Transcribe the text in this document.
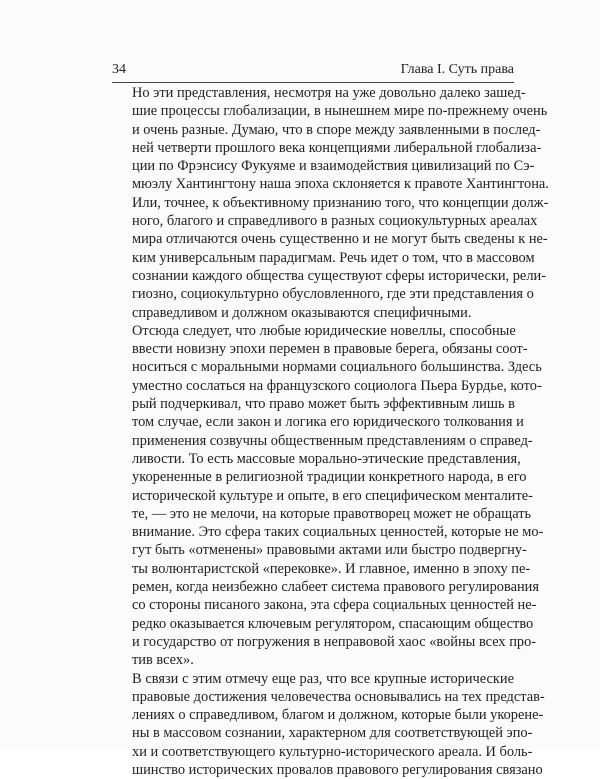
34	Глава I. Суть права

Но эти представления, несмотря на уже довольно далеко зашед-
шие процессы глобализации, в нынешнем мире по-прежнему очень
и очень разные. Думаю, что в споре между заявленными в послед-
ней четверти прошлого века концепциями либеральной глобализа-
ции по Фрэнсису Фукуяме и взаимодействия цивилизаций по Сэ-
мюэлу Хантингтону наша эпоха склоняется к правоте Хантингтона.
Или, точнее, к объективному признанию того, что концепции долж-
ного, благого и справедливого в разных социокультурных ареалах
мира отличаются очень существенно и не могут быть сведены к не-
ким универсальным парадигмам. Речь идет о том, что в массовом
сознании каждого общества существуют сферы исторически, рели-
гиозно, социокультурно обусловленного, где эти представления о
справедливом и должном оказываются специфичными.

Отсюда следует, что любые юридические новеллы, способные
ввести новизну эпохи перемен в правовые берега, обязаны соот-
носиться с моральными нормами социального большинства. Здесь
уместно сослаться на французского социолога Пьера Бурдье, кото-
рый подчеркивал, что право может быть эффективным лишь в
том случае, если закон и логика его юридического толкования и
применения созвучны общественным представлениям о справед-
ливости. То есть массовые морально-этические представления,
укорененные в религиозной традиции конкретного народа, в его
исторической культуре и опыте, в его специфическом менталите-
те, — это не мелочи, на которые правотворец может не обращать
внимание. Это сфера таких социальных ценностей, которые не мо-
гут быть «отменены» правовыми актами или быстро подвергну-
ты волюнтаристской «перековке». И главное, именно в эпоху пе-
ремен, когда неизбежно слабеет система правового регулирования
со стороны писаного закона, эта сфера социальных ценностей не-
редко оказывается ключевым регулятором, спасающим общество
и государство от погружения в неправовой хаос «войны всех про-
тив всех».

В связи с этим отмечу еще раз, что все крупные исторические
правовые достижения человечества основывались на тех представ-
лениях о справедливом, благом и должном, которые были укорене-
ны в массовом сознании, характерном для соответствующей эпо-
хи и соответствующего культурно-исторического ареала. И боль-
шинство исторических провалов правового регулирования связано
